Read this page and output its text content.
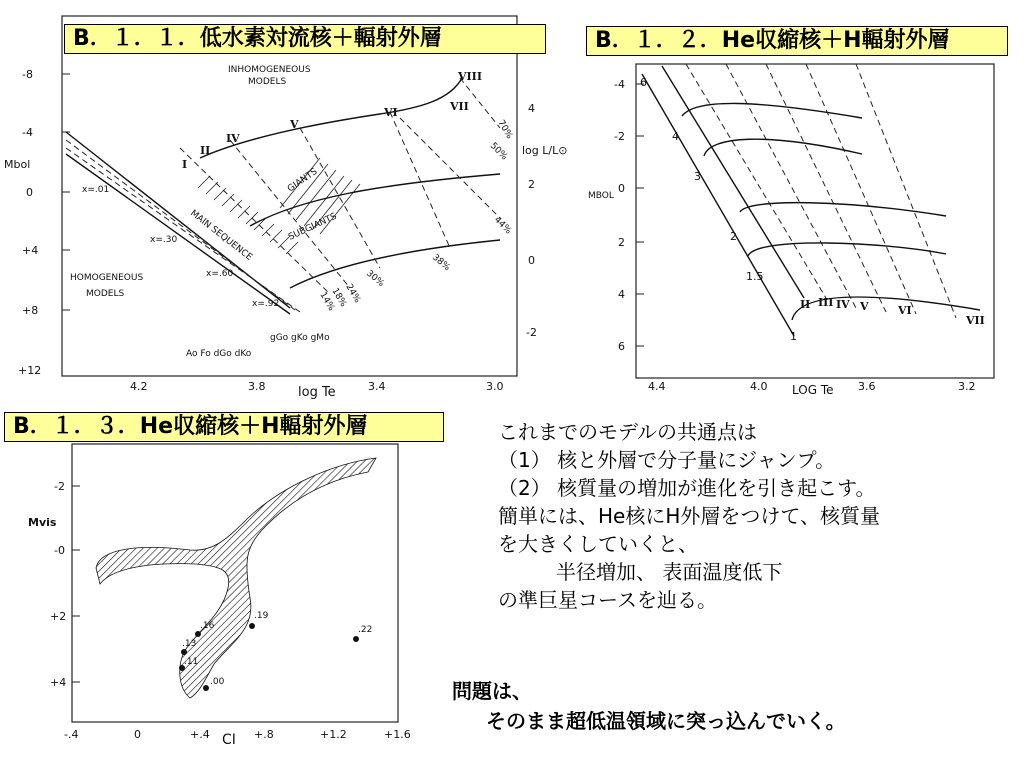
-8
-4
0
+4
+8
+12
Mbol
4.2	3.8	3.4	3.0
log Te
4
2
0
-2
log L/L⊙
INHOMOGENEOUS
MODELS
HOMOGENEOUS
MODELS
MAIN SEQUENCE
GIANTS
SUBGIANTS
x=.01
x=.30
x=.60
x=.92
70%
50%
44%
38%
30%
24%
18%
14%
gGo gKo gMo
Ao Fo dGo dKo
I
II
IV
V
VI	VII
VIII
B．１．１．低水素対流核＋輻射外層
-4
-2
0
2
4
6
MBOL
4.4	4.0	3.6	3.2
LOG Te
6
4
3
2
1.5
1
II III IV V	VI
VII
B．１．２．He収縮核＋H輻射外層
-2
-0
+2
+4
Mvis
-.4	0	+.4	+.8	+1.2	+1.6
CI
.16
.13
.11
.00
.19
.22
B．１．３．He収縮核＋H輻射外層	これまでのモデルの共通点は
（1） 核と外層で分子量にジャンプ。
（2） 核質量の増加が進化を引き起こす。
簡単には、He核にH外層をつけて、核質量
を大きくしていくと、
半径増加、 表面温度低下
の準巨星コースを辿る。
問題は、
そのまま超低温領域に突っ込んでいく。
